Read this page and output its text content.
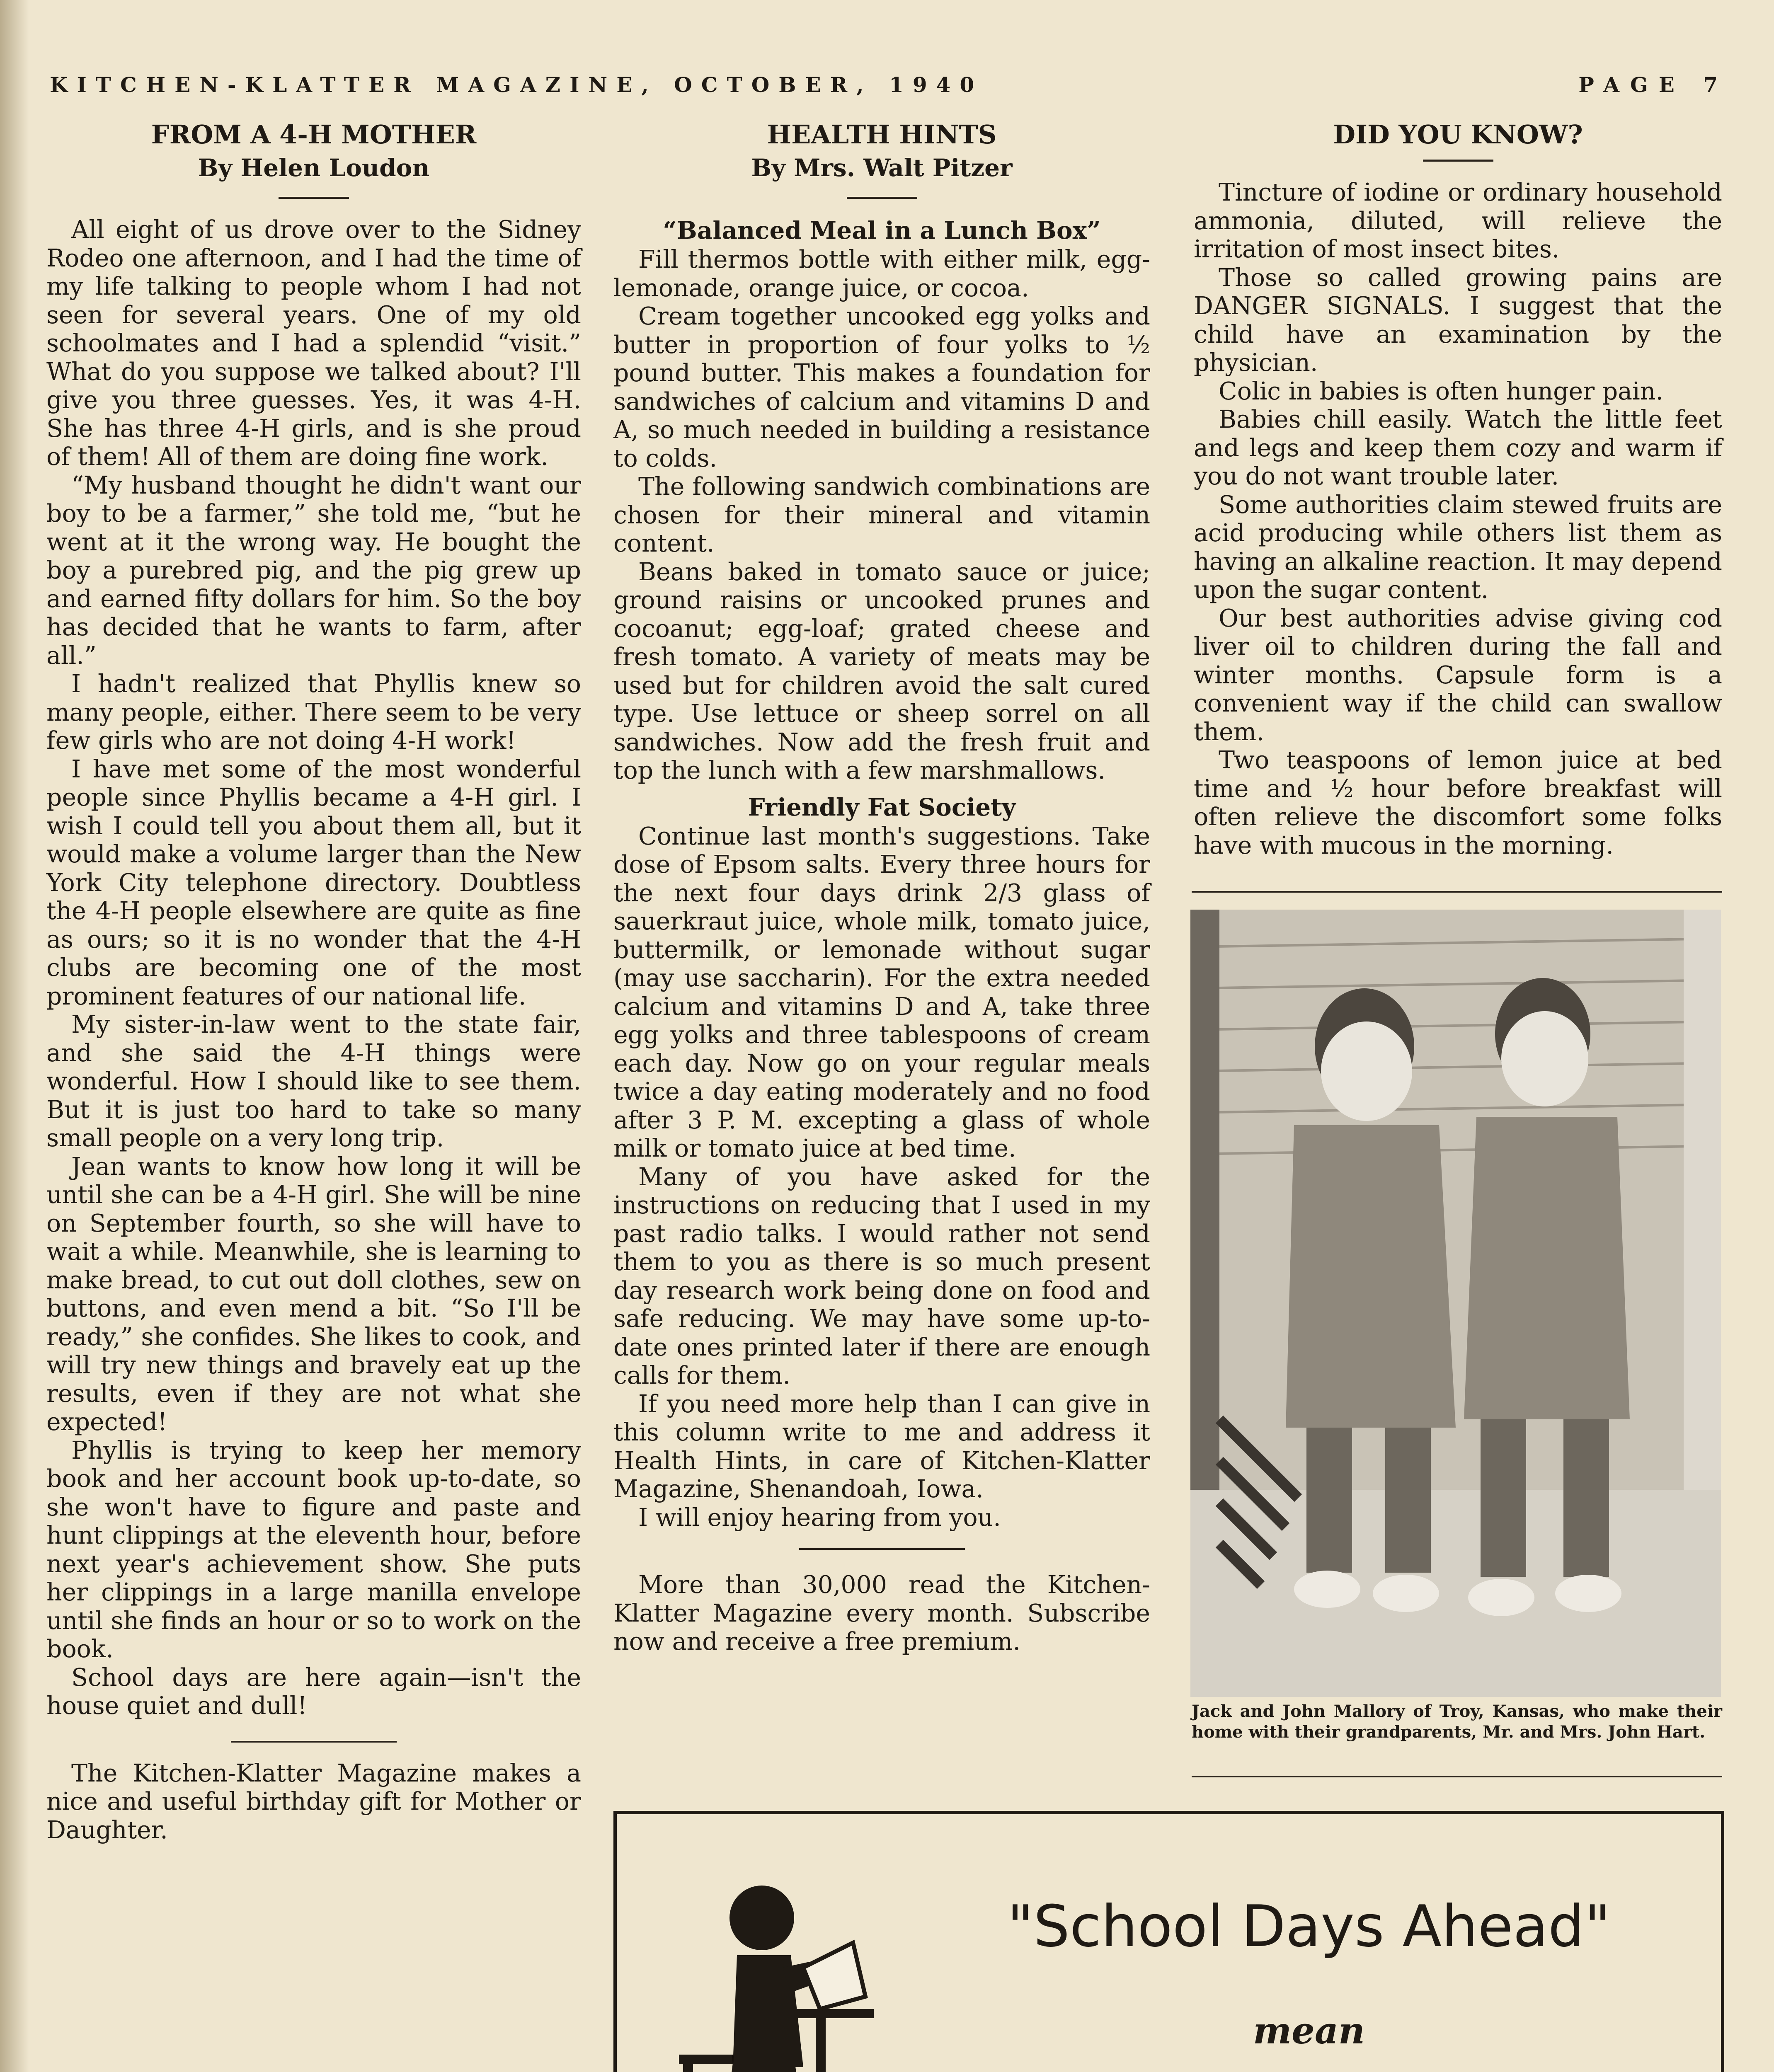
KITCHEN-KLATTER MAGAZINE, OCTOBER, 1940	PAGE 7
FROM A 4-H MOTHER
By Helen Loudon

All eight of us drove over to the Sidney Rodeo one afternoon, and I had the time of my life talking to people whom I had not seen for several years. One of my old schoolmates and I had a splendid “visit.” What do you suppose we talked about? I'll give you three guesses. Yes, it was 4-H. She has three 4-H girls, and is she proud of them! All of them are doing fine work.

“My husband thought he didn't want our boy to be a farmer,” she told me, “but he went at it the wrong way. He bought the boy a purebred pig, and the pig grew up and earned fifty dollars for him. So the boy has decided that he wants to farm, after all.”

I hadn't realized that Phyllis knew so many people, either. There seem to be very few girls who are not doing 4-H work!

I have met some of the most wonderful people since Phyllis became a 4-H girl. I wish I could tell you about them all, but it would make a volume larger than the New York City telephone directory. Doubtless the 4-H people elsewhere are quite as fine as ours; so it is no wonder that the 4-H clubs are becoming one of the most prominent features of our national life.

My sister-in-law went to the state fair, and she said the 4-H things were wonderful. How I should like to see them. But it is just too hard to take so many small people on a very long trip.

Jean wants to know how long it will be until she can be a 4-H girl. She will be nine on September fourth, so she will have to wait a while. Meanwhile, she is learning to make bread, to cut out doll clothes, sew on buttons, and even mend a bit. “So I'll be ready,” she confides. She likes to cook, and will try new things and bravely eat up the results, even if they are not what she expected!

Phyllis is trying to keep her memory book and her account book up-to-date, so she won't have to figure and paste and hunt clippings at the eleventh hour, before next year's achievement show. She puts her clippings in a large manilla envelope until she finds an hour or so to work on the book.

School days are here again—isn't the house quiet and dull!

The Kitchen-Klatter Magazine makes a nice and useful birthday gift for Mother or Daughter.

HEALTH HINTS
By Mrs. Walt Pitzer
“Balanced Meal in a Lunch Box”

Fill thermos bottle with either milk, egg-lemonade, orange juice, or cocoa.

Cream together uncooked egg yolks and butter in proportion of four yolks to ½ pound butter. This makes a foundation for sandwiches of calcium and vitamins D and A, so much needed in building a resistance to colds.

The following sandwich combinations are chosen for their mineral and vitamin content.

Beans baked in tomato sauce or juice; ground raisins or uncooked prunes and cocoanut; egg-loaf; grated cheese and fresh tomato. A variety of meats may be used but for children avoid the salt cured type. Use lettuce or sheep sorrel on all sandwiches. Now add the fresh fruit and top the lunch with a few marshmallows.

Friendly Fat Society

Continue last month's suggestions. Take dose of Epsom salts. Every three hours for the next four days drink 2/3 glass of sauerkraut juice, whole milk, tomato juice, buttermilk, or lemonade without sugar (may use saccharin). For the extra needed calcium and vitamins D and A, take three egg yolks and three tablespoons of cream each day. Now go on your regular meals twice a day eating moderately and no food after 3 P. M. excepting a glass of whole milk or tomato juice at bed time.

Many of you have asked for the instructions on reducing that I used in my past radio talks. I would rather not send them to you as there is so much present day research work being done on food and safe reducing. We may have some up-to-date ones printed later if there are enough calls for them.

If you need more help than I can give in this column write to me and address it Health Hints, in care of Kitchen-Klatter Magazine, Shenandoah, Iowa.

I will enjoy hearing from you.

More than 30,000 read the Kitchen-Klatter Magazine every month. Subscribe now and receive a free premium.

DID YOU KNOW?

Tincture of iodine or ordinary household ammonia, diluted, will relieve the irritation of most insect bites.

Those so called growing pains are DANGER SIGNALS. I suggest that the child have an examination by the physician.

Colic in babies is often hunger pain.

Babies chill easily. Watch the little feet and legs and keep them cozy and warm if you do not want trouble later.

Some authorities claim stewed fruits are acid producing while others list them as having an alkaline reaction. It may depend upon the sugar content.

Our best authorities advise giving cod liver oil to children during the fall and winter months. Capsule form is a convenient way if the child can swallow them.

Two teaspoons of lemon juice at bed time and ½ hour before breakfast will often relieve the discomfort some folks have with mucous in the morning.

Jack and John Mallory of Troy, Kansas, who make their home with their grandparents, Mr. and Mrs. John Hart.
"School Days Ahead"
mean
